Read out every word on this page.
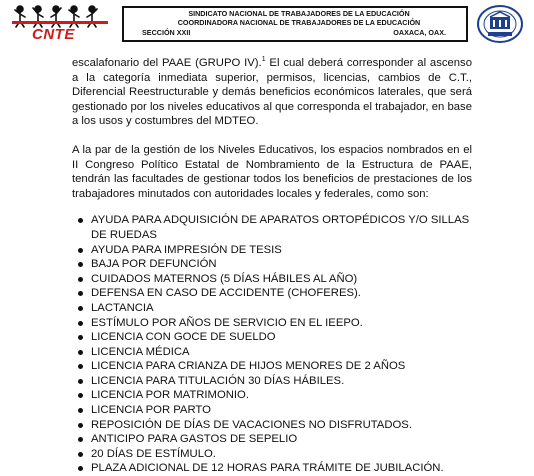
CNTE
SINDICATO NACIONAL DE TRABAJADORES DE LA EDUCACIÓN
COORDINADORA NACIONAL DE TRABAJADORES DE LA EDUCACIÓN
SECCIÓN XXII	OAXACA, OAX.

escalafonario del PAAE (GRUPO IV).$^1$ El cual deberá corresponder al ascenso a la categoría inmediata superior, permisos, licencias, cambios de C.T., Diferencial Reestructurable y demás beneficios económicos laterales, que será gestionado por los niveles educativos al que corresponda el trabajador, en base a los usos y costumbres del MDTEO.

A la par de la gestión de los Niveles Educativos, los espacios nombrados en el II Congreso Político Estatal de Nombramiento de la Estructura de PAAE, tendrán las facultades de gestionar todos los beneficios de prestaciones de los trabajadores minutados con autoridades locales y federales, como son:

AYUDA PARA ADQUISICIÓN DE APARATOS ORTOPÉDICOS Y/O SILLAS DE RUEDAS
AYUDA PARA IMPRESIÓN DE TESIS
BAJA POR DEFUNCIÓN
CUIDADOS MATERNOS (5 DÍAS HÁBILES AL AÑO)
DEFENSA EN CASO DE ACCIDENTE (CHOFERES).
LACTANCIA
ESTÍMULO POR AÑOS DE SERVICIO EN EL IEEPO.
LICENCIA CON GOCE DE SUELDO
LICENCIA MÉDICA
LICENCIA PARA CRIANZA DE HIJOS MENORES DE 2 AÑOS
LICENCIA PARA TITULACIÓN 30 DÍAS HÁBILES.
LICENCIA POR MATRIMONIO.
LICENCIA POR PARTO
REPOSICIÓN DE DÍAS DE VACACIONES NO DISFRUTADOS.
ANTICIPO PARA GASTOS DE SEPELIO
20 DÍAS DE ESTÍMULO.
PLAZA ADICIONAL DE 12 HORAS PARA TRÁMITE DE JUBILACIÓN.
